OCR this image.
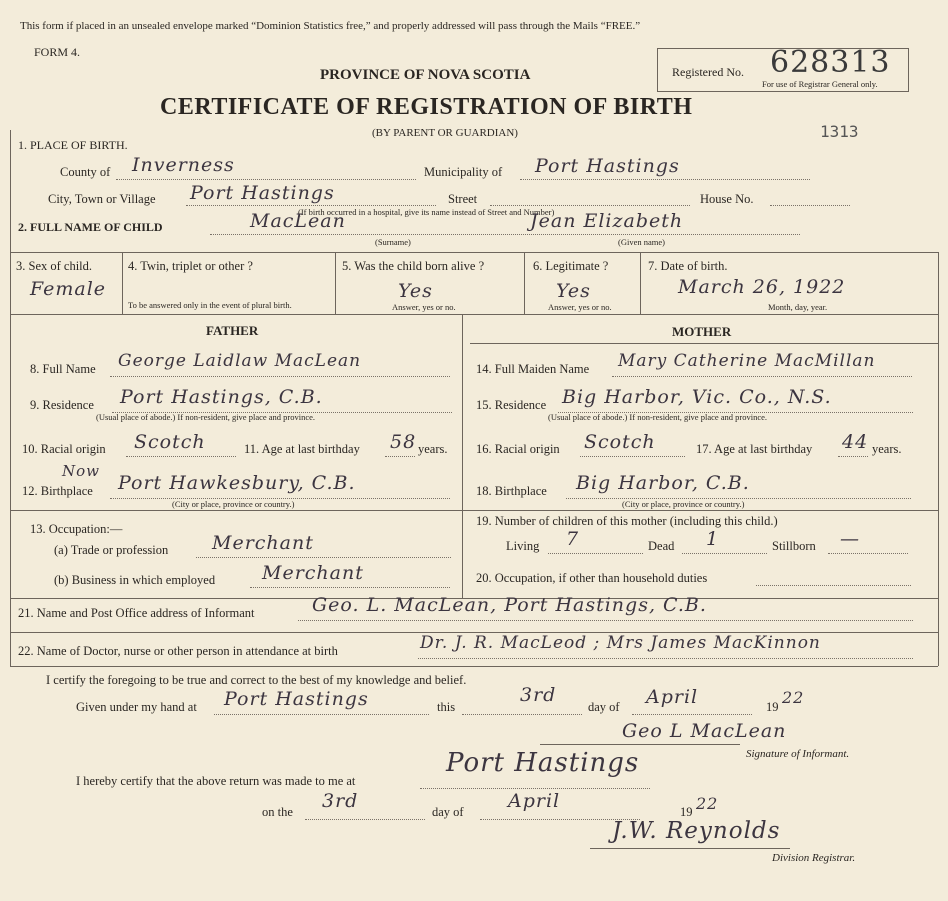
This form if placed in an unsealed envelope marked “Dominion Statistics free,” and properly addressed will pass through the Mails “FREE.”
FORM 4.
PROVINCE OF NOVA SCOTIA
CERTIFICATE OF REGISTRATION OF BIRTH
(BY PARENT OR GUARDIAN)
Registered No. 628313
For use of Registrar General only.
1313
1. PLACE OF BIRTH.
County of Inverness	Municipality of Port Hastings
City, Town or Village Port Hastings	Street	House No.
(If birth occurred in a hospital, give its name instead of Street and Number)
2. FULL NAME OF CHILD	MacLean	Jean Elizabeth
(Surname)	(Given name)
3. Sex of child.
Female
4. Twin, triplet or other ?
To be answered only in the event of plural birth.
5. Was the child born alive ?
Yes
Answer, yes or no.
6. Legitimate ?
Yes
Answer, yes or no.
7. Date of birth.
March 26, 1922
Month, day, year.
FATHER	MOTHER
8. Full Name George Laidlaw MacLean
9. Residence Port Hastings, C.B.
(Usual place of abode.) If non-resident, give place and province.
10. Racial origin Scotch	11. Age at last birthday 58 years.
Now
12. Birthplace Port Hawkesbury, C.B.
(City or place, province or country.)
14. Full Maiden Name Mary Catherine MacMillan
15. Residence Big Harbor, Vic. Co., N.S.
(Usual place of abode.) If non-resident, give place and province.
16. Racial origin Scotch	17. Age at last birthday 44 years.
18. Birthplace Big Harbor, C.B.
(City or place, province or country.)
13. Occupation:—
(a) Trade or profession Merchant
(b) Business in which employed Merchant
19. Number of children of this mother (including this child.)
Living 7	Dead 1	Stillborn —
20. Occupation, if other than household duties
21. Name and Post Office address of Informant	Geo. L. MacLean, Port Hastings, C.B.
22. Name of Doctor, nurse or other person in attendance at birth	Dr. J. R. MacLeod ; Mrs James MacKinnon
I certify the foregoing to be true and correct to the best of my knowledge and belief.
Given under my hand at Port Hastings	this
3rd
day of April	19 22
Geo L MacLean
Signature of Informant.
Port Hastings
I hereby certify that the above return was made to me at
on the 3rd	day of April	19 22
J.W. Reynolds
Division Registrar.
